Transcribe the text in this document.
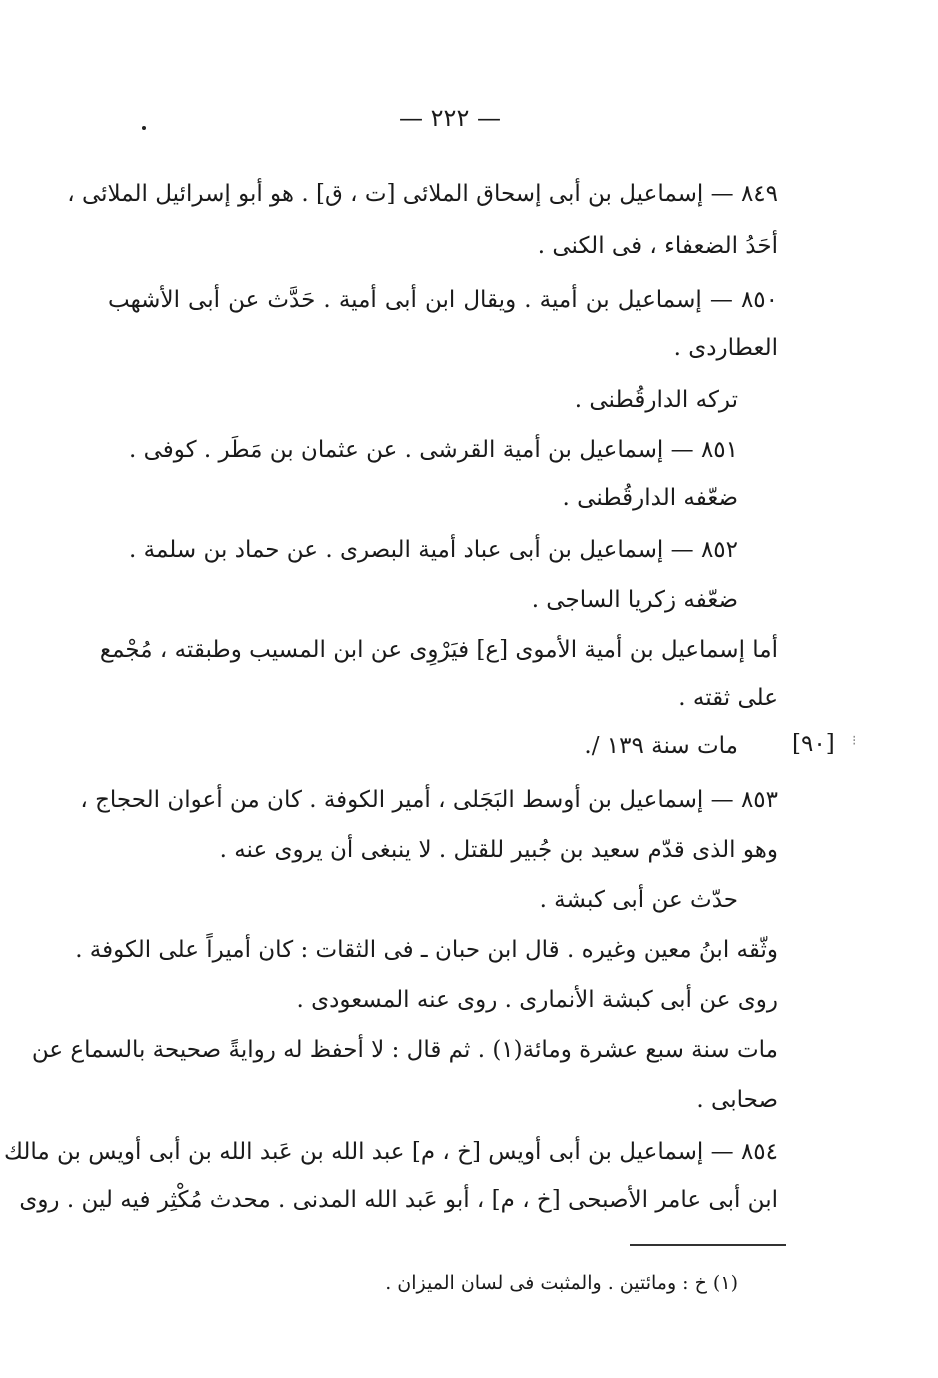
— ٢٢٢ —
٨٤٩ — إسماعيل بن أبى إسحاق الملائى [ت ، ق] . هو أبو إسرائيل الملائى ،
أحَدُ الضعفاء ، فى الكنى .
٨٥٠ — إسماعيل بن أمية . ويقال ابن أبى أمية . حَدَّث عن أبى الأشهب
العطاردى .
تركه الدارقُطنى .
٨٥١ — إسماعيل بن أمية القرشى . عن عثمان بن مَطَر . كوفى .
ضعّفه الدارقُطنى .
٨٥٢ — إسماعيل بن أبى عباد أمية البصرى . عن حماد بن سلمة .
ضعّفه زكريا الساجى .
أما إسماعيل بن أمية الأموى [ع] فيَرْوِى عن ابن المسيب وطبقته ، مُجْمع
على ثقته .
مات سنة ١٣٩ /. [٩٠] ⁝
٨٥٣ — إسماعيل بن أوسط البَجَلى ، أمير الكوفة . كان من أعوان الحجاج ،
وهو الذى قدّم سعيد بن جُبير للقتل . لا ينبغى أن يروى عنه .
حدّث عن أبى كبشة .
وثّقه ابنُ معين وغيره . قال ابن حبان ـ فى الثقات : كان أميراً على الكوفة .
روى عن أبى كبشة الأنمارى . روى عنه المسعودى .
مات سنة سبع عشرة ومائة(١) . ثم قال : لا أحفظ له روايةً صحيحة بالسماع عن
صحابى .
٨٥٤ — إسماعيل بن أبى أويس [خ ، م] عبد الله بن عَبد الله بن أبى أويس بن مالك
ابن أبى عامر الأصبحى [خ ، م] ، أبو عَبد الله المدنى . محدث مُكْثِر فيه لين . روى
(١) خ : ومائتين . والمثبت فى لسان الميزان .
